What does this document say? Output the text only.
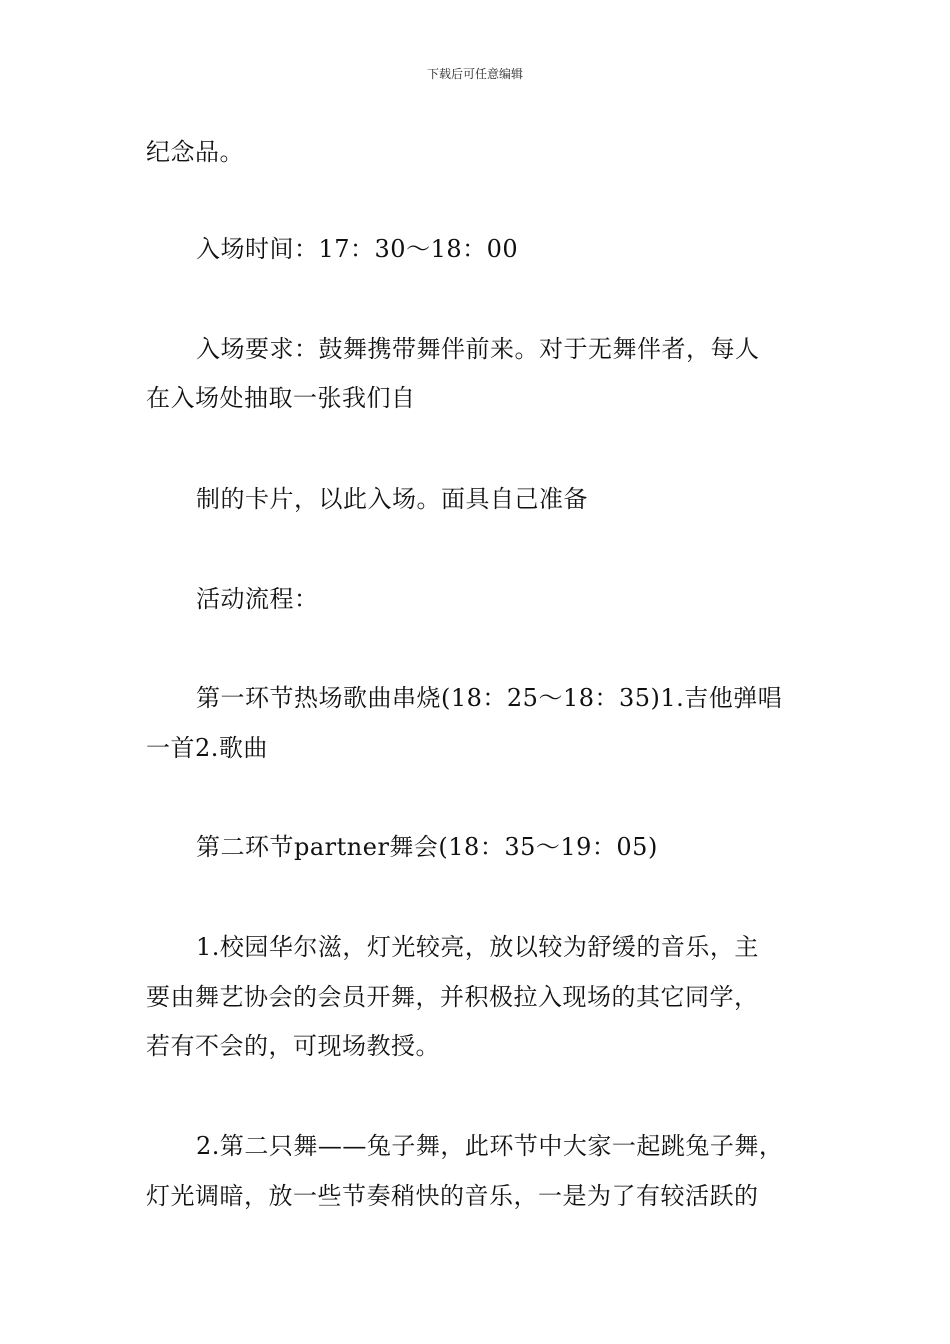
下载后可任意编辑
纪念品。
入场时间：17：30～18：00
入场要求：鼓舞携带舞伴前来。对于无舞伴者，每人
在入场处抽取一张我们自
制的卡片，以此入场。面具自己准备
活动流程：
第一环节热场歌曲串烧(18：25～18：35)1.吉他弹唱
一首2.歌曲
第二环节partner舞会(18：35～19：05)
1.校园华尔滋，灯光较亮，放以较为舒缓的音乐，主
要由舞艺协会的会员开舞，并积极拉入现场的其它同学，
若有不会的，可现场教授。
2.第二只舞——兔子舞，此环节中大家一起跳兔子舞，
灯光调暗，放一些节奏稍快的音乐，一是为了有较活跃的
